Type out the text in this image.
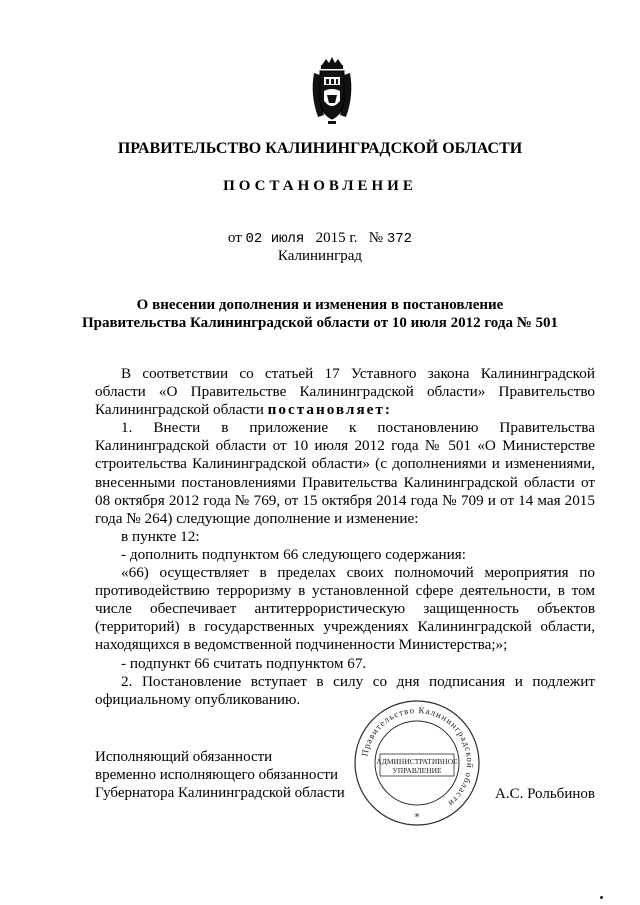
ПРАВИТЕЛЬСТВО КАЛИНИНГРАДСКОЙ ОБЛАСТИ
ПОСТАНОВЛЕНИЕ
от 02 июля 2015 г. № 372
Калининград
О внесении дополнения и изменения в постановление
Правительства Калининградской области от 10 июля 2012 года № 501

В соответствии со статьей 17 Уставного закона Калининградской области «О Правительстве Калининградской области» Правительство Калининградской области постановляет:

1. Внести в приложение к постановлению Правительства Калининградской области от 10 июля 2012 года № 501 «О Министерстве строительства Калининградской области» (с дополнениями и изменениями, внесенными постановлениями Правительства Калининградской области от 08 октября 2012 года № 769, от 15 октября 2014 года № 709 и от 14 мая 2015 года № 264) следующие дополнение и изменение:

в пункте 12:

- дополнить подпунктом 66 следующего содержания:

«66) осуществляет в пределах своих полномочий мероприятия по противодействию терроризму в установленной сфере деятельности, в том числе обеспечивает антитеррористическую защищенность объектов (территорий) в государственных учреждениях Калининградской области, находящихся в ведомственной подчиненности Министерства;»;

- подпункт 66 считать подпунктом 67.

2. Постановление вступает в силу со дня подписания и подлежит официальному опубликованию.

Исполняющий обязанности
временно исполняющего обязанности
Губернатора Калининградской области
Правительство Калининградской области
АДМИНИСТРАТИВНОЕ
УПРАВЛЕНИЕ
*
А.С. Рольбинов
